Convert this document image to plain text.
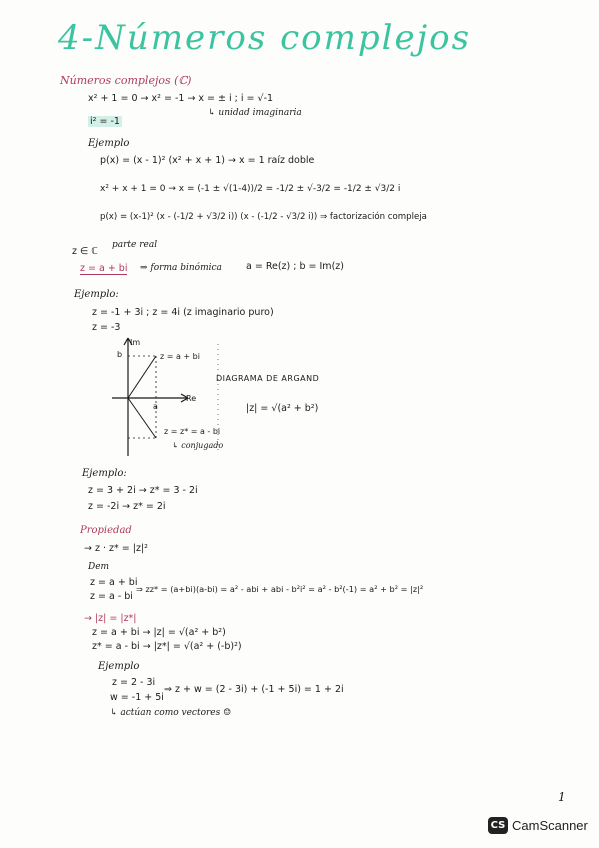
4-Números complejos
Números complejos (ℂ)
x² + 1 = 0 → x² = -1 → x = ± i ; i = √-1
↳ unidad imaginaria
i² = -1
Ejemplo
p(x) = (x - 1)² (x² + x + 1) → x = 1 raíz doble
x² + x + 1 = 0 → x = (-1 ± √(1-4))/2 = -1/2 ± √-3/2 = -1/2 ± √3/2 i
p(x) = (x-1)² (x - (-1/2 + √3/2 i)) (x - (-1/2 - √3/2 i)) ⇒ factorización compleja
z ∈ ℂ
parte real
z = a + bi ⇒ forma binómica	a = Re(z) ; b = Im(z)
Ejemplo:
z = -1 + 3i ; z = 4i (z imaginario puro)
z = -3
Im
Re
b
a
z = a + bi
z = z* = a - bi
↳ conjugado
DIAGRAMA DE ARGAND
|z| = √(a² + b²)
Ejemplo:
z = 3 + 2i → z* = 3 - 2i
z = -2i → z* = 2i
Propiedad
→ z · z* = |z|²
Dem
z = a + bi
z = a - bi
⇒ zz* = (a+bi)(a-bi) = a² - abi + abi - b²i² = a² - b²(-1) = a² + b² = |z|²
→ |z| = |z*|
z = a + bi → |z| = √(a² + b²)
z* = a - bi → |z*| = √(a² + (-b)²)
Ejemplo
z = 2 - 3i
w = -1 + 5i
⇒ z + w = (2 - 3i) + (-1 + 5i) = 1 + 2i
↳ actúan como vectores ☺
1
CS CamScanner
